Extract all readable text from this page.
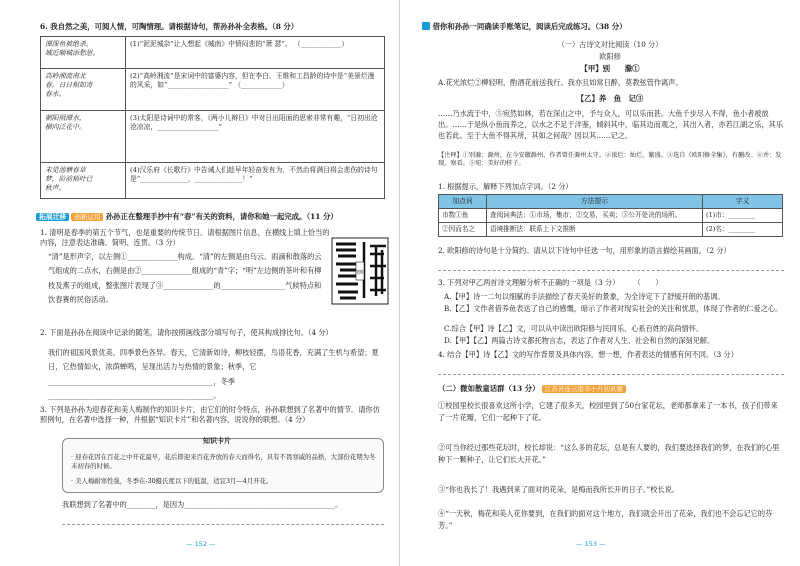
6. 我自然之美，可阅人情，可陶情理。请根据诗句，帮孙孙补全表格。（8 分）
潭深鱼被绝杀。
城近颇城添愁思。	(1)“泥泥城杂”让人想起《城南》中愤闷悲的“萧 瑟”。 （____________）
高岭湘流南北
春。日日相如寄
春水。	(2)“高岭湘流”是宋词中的富婆内容，但在李白、王维和工昌龄的诗中是“美景烂漫的风采，如“__________________” （____________）
朝阳照潭水，
横向泛花中。	(3)太阳是诗词中的常客，《两小儿辩日》中对日出阳面的思索非常有趣，“日初出沧沧凉凉，__________________”
未觉池塘春草
梦，阶前梧叶已
秋声。	(4)汉乐府《长歌行》中告诫人们趁早年轻奋发有为，不然治将满目将会悲伤的诗句是“______________，______________！”
拓展迁移 创新运用 孙孙正在整理手抄中有“春”有关的资料，请你和她一起完成。（11 分）
1. 清明是春季的第五个节气，也是重要的传统节日。请根据图片信息，在横线上填上恰当的内容，注意表达准确、简明、连贯。（3 分）
“清”是形声字，以左侧①______________构成。“清”的左侧是由乌云、雨滴和散落的云气组成的二点水，右侧是由②______________组成的“青”字；“明”左边侧的茶叶和有柳枝及燕子的组成，整张图片表现了③______________的__________________气候特点和饮春赛的民俗活动。
清明
2. 下面是孙孙在阅读中记录的随笔，请你按照画线部分填写句子，使其构成排比句。（4 分）
我们的祖国风景优美，四季景色各异。春天，它清新如诗，柳枝轻摆，鸟语花香，充满了生机与希望；夏日，它热情如火，浓荫蝉鸣，呈现出活力与热情的景象；秋季，它______________________________________________，冬季______________________________________________。
3. 下列是孙孙为迎春花和美人梅制作的知识卡片，由它们的时令特点，孙孙联想到了名著中的情节。请你仿照例句，在名著中选择一种，并根据“知识卡片”和名著内容，说说你的联想。（4 分）
知识卡片
· 迎春花因在百花之中开花最早，花后即迎来百花齐放的春天而得名，具有不畏寒威的品格，大部份花期为冬末初春的时候。
· 美人梅耐寒性强，冬季在-30摄氏度以下的低温，适宜3月—4月开花。
我联想到了名著中的________，是因为__________________________________________。
— 152 —
借你和孙孙一同确读手账笔记，阅读后完成练习。（38 分）
（一）古诗文对比阅读（10 分）
欧阳修
【甲】别　　滁①
A.花光浓烂②柳轻明，酌酒花前送我行。我亦且如常日醉，莫教弦管作离声。
【乙】养　鱼　记③
……乃水流于中，⑤宛然如林，若在深山之中，予与众人，可以乐而甚。大鱼千步尽入不得，鱼小者被放出。……于是纵小鱼而养之，以水之不足于泮鉴，倾斜其中，临其边而观之，其出入者，亦若江湖之乐，其乐也若此。至于大鱼不得其所，其如之何哉？因以其……记之。
【注释】①别滁：滁州，在今安徽滁州，作者曾任滁州太守。②浓烂：灿烂，繁盛。③选自《欧阳修全集》，有删改。④并：发现，察看。⑤宛：美好的样子。
1. 根据提示，解释下列加点字词。（2 分）
加点词	方法提示	字义
市数①鱼	查阅词典法：①市场，集市；②交易，买卖；③公开处决的场所。	(1)市：________
②因而名之	语境推断法：联系上下文推断	(2)名：________
2. 欧阳修的诗句是十分简约。请从以下诗句中任选一句，用形象的语言描绘其画面。（2 分）
3. 下列对甲乙两首诗文理解分析不正确的一项是（3 分）　　　（　　）
A.【甲】诗一二句以细腻的手法描绘了春天美好的景象，为全诗定下了舒缓开朗的基调。
B.【乙】文作者借养鱼表达了自己的感慨，暗示了作者对现实社会的关注和忧思，体现了作者的仁爱之心。
C.综合【甲】诗【乙】文，可以从中读出欧阳修与民同乐、心系百姓的高尚情怀。
D.【甲】【乙】两篇古诗文都托物言志，表达了作者对人生、社会和自然的深刻见解。
4. 结合【甲】诗【乙】文的写作背景及具体内容，想一想，作者表达的情感有何不同。（3 分）
（二）微如散童话群（13 分） 江苏省连云港市小升初真题
①校园里校长很喜欢这所小学，它建了很多天，校园里到了50台家花坛，老师都拿来了一本书，孩子们带来了一片花瓣，它们一起种下了花。
②可当你经过那些花坛时，校长却说：“这么多的花坛，总是有人要的，我们要选择我们的梦，在我们的心里种下一颗种子，让它们长大开花。”
③“你也我长了！我遇到来了面对的花朵，是梅而我所长开的日子。”校长说。
④“一天秋，梅花和美人花你要到，在我们的面对这个地方，我们就会开出了花朵，我们也不会忘记它的芬芳。”
— 153 —
